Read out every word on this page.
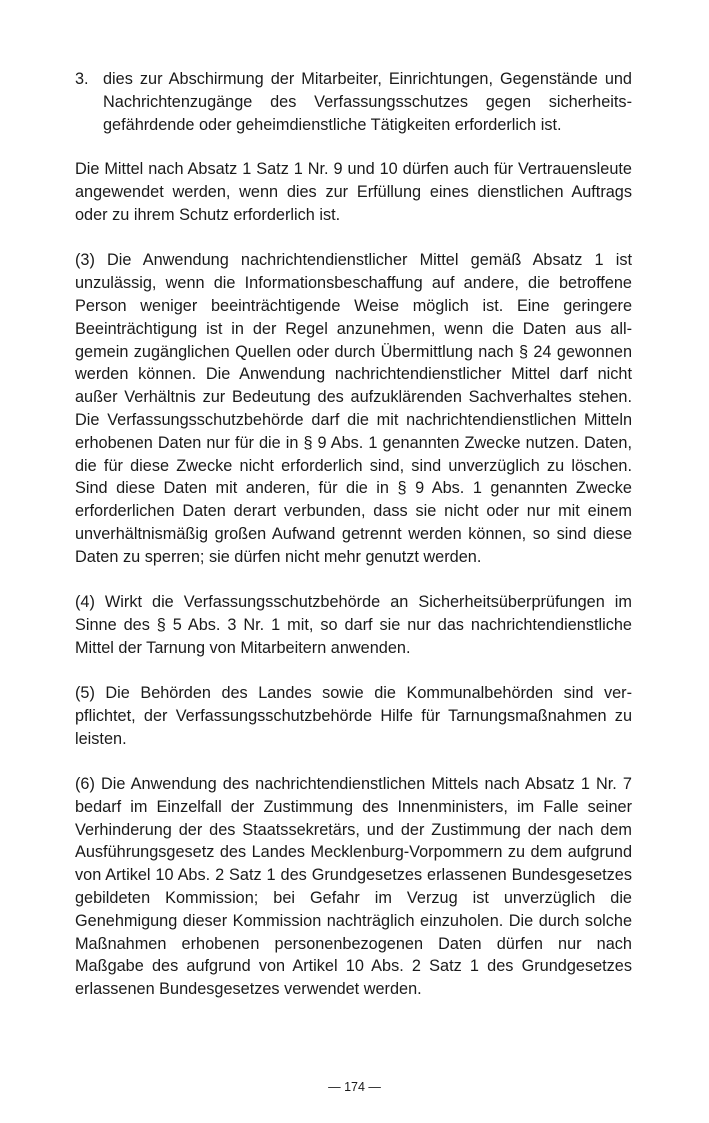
3. dies zur Abschirmung der Mitarbeiter, Einrichtungen, Gegenstände und Nachrichtenzugänge des Verfassungsschutzes gegen sicherheitsgefährdende oder geheimdienstliche Tätigkeiten erforderlich ist.

Die Mittel nach Absatz 1 Satz 1 Nr. 9 und 10 dürfen auch für Vertrauensleute angewendet werden, wenn dies zur Erfüllung eines dienstlichen Auftrags oder zu ihrem Schutz erforderlich ist.

(3) Die Anwendung nachrichtendienstlicher Mittel gemäß Absatz 1 ist unzulässig, wenn die Informationsbeschaffung auf andere, die betroffene Person weniger beeinträchtigende Weise möglich ist. Eine geringere Beeinträchtigung ist in der Regel anzunehmen, wenn die Daten aus allgemein zugänglichen Quellen oder durch Übermittlung nach § 24 gewonnen werden können. Die Anwendung nachrichtendienstlicher Mittel darf nicht außer Verhältnis zur Bedeutung des aufzuklärenden Sachverhaltes stehen. Die Verfassungsschutzbehörde darf die mit nachrichtendienstlichen Mitteln erhobenen Daten nur für die in § 9 Abs. 1 genannten Zwecke nutzen. Daten, die für diese Zwecke nicht erforderlich sind, sind unverzüglich zu löschen. Sind diese Daten mit anderen, für die in § 9 Abs. 1 genannten Zwecke erforderlichen Daten derart verbunden, dass sie nicht oder nur mit einem unverhältnismäßig großen Aufwand getrennt werden können, so sind diese Daten zu sperren; sie dürfen nicht mehr genutzt werden.

(4) Wirkt die Verfassungsschutzbehörde an Sicherheitsüberprüfungen im Sinne des § 5 Abs. 3 Nr. 1 mit, so darf sie nur das nachrichtendienstliche Mittel der Tarnung von Mitarbeitern anwenden.

(5) Die Behörden des Landes sowie die Kommunalbehörden sind verpflichtet, der Verfassungsschutzbehörde Hilfe für Tarnungsmaßnahmen zu leisten.

(6) Die Anwendung des nachrichtendienstlichen Mittels nach Absatz 1 Nr. 7 bedarf im Einzelfall der Zustimmung des Innenministers, im Falle seiner Verhinderung der des Staatssekretärs, und der Zustimmung der nach dem Ausführungsgesetz des Landes Mecklenburg-Vorpommern zu dem aufgrund von Artikel 10 Abs. 2 Satz 1 des Grundgesetzes erlassenen Bundesgesetzes gebildeten Kommission; bei Gefahr im Verzug ist unverzüglich die Genehmigung dieser Kommission nachträglich einzuholen. Die durch solche Maßnahmen erhobenen personenbezogenen Daten dürfen nur nach Maßgabe des aufgrund von Artikel 10 Abs. 2 Satz 1 des Grundgesetzes erlassenen Bundesgesetzes verwendet werden.

— 174 —
